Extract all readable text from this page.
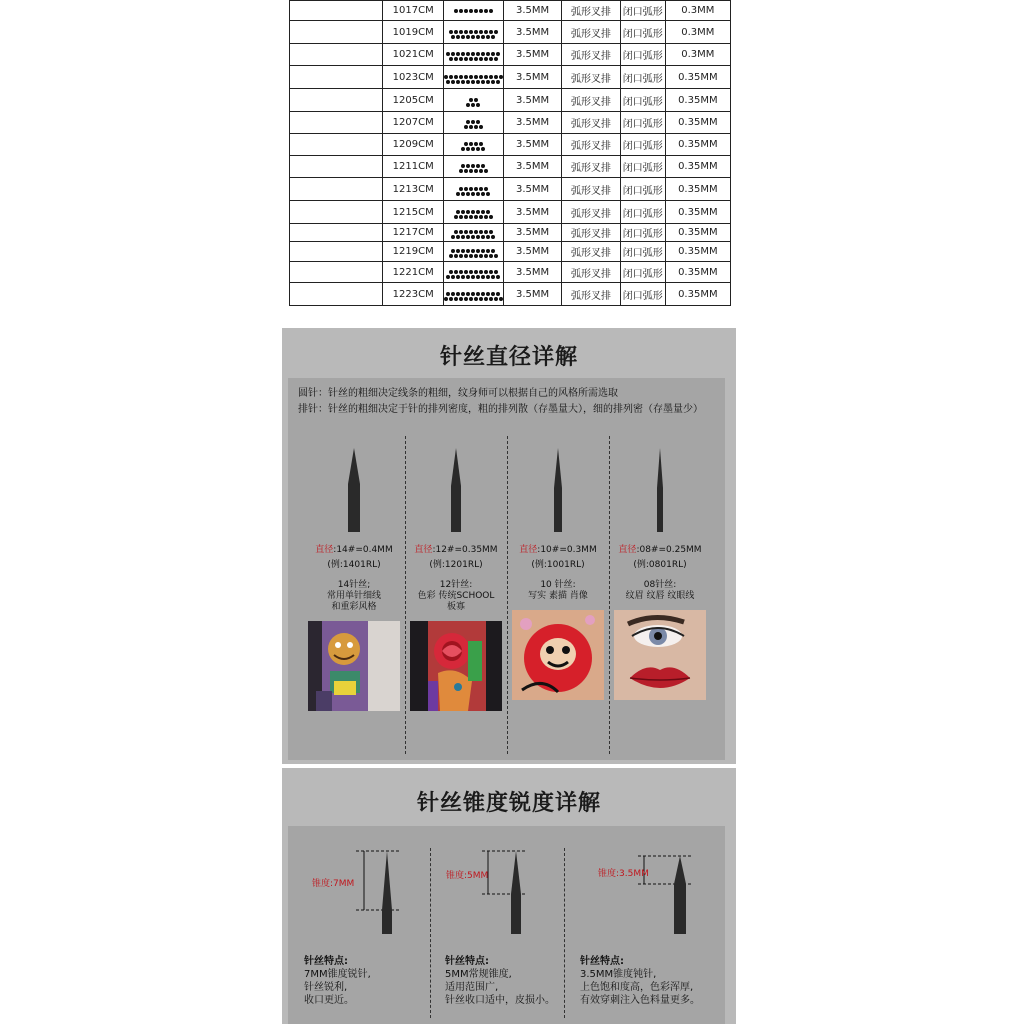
	1017CM		3.5MM	弧形叉排	闭口弧形	0.3MM
	1019CM		3.5MM	弧形叉排	闭口弧形	0.3MM
	1021CM		3.5MM	弧形叉排	闭口弧形	0.3MM
	1023CM		3.5MM	弧形叉排	闭口弧形	0.35MM
	1205CM		3.5MM	弧形叉排	闭口弧形	0.35MM
	1207CM		3.5MM	弧形叉排	闭口弧形	0.35MM
	1209CM		3.5MM	弧形叉排	闭口弧形	0.35MM
	1211CM		3.5MM	弧形叉排	闭口弧形	0.35MM
	1213CM		3.5MM	弧形叉排	闭口弧形	0.35MM
	1215CM		3.5MM	弧形叉排	闭口弧形	0.35MM
	1217CM		3.5MM	弧形叉排	闭口弧形	0.35MM
	1219CM		3.5MM	弧形叉排	闭口弧形	0.35MM
	1221CM		3.5MM	弧形叉排	闭口弧形	0.35MM
	1223CM		3.5MM	弧形叉排	闭口弧形	0.35MM
针丝直径详解
圆针：针丝的粗细决定线条的粗细，纹身师可以根据自己的风格所需选取
排针：针丝的粗细决定于针的排列密度，粗的排列散（存墨量大），细的排列密（存墨量少）
直径:14#=0.4MM
(例:1401RL)
14针丝;
常用单针细线
和重彩风格
直径:12#=0.35MM
(例:1201RL)
12针丝:
色彩 传统SCHOOL
板寡
直径:10#=0.3MM
(例:1001RL)
10 针丝:
写实 素描 肖像
直径:08#=0.25MM
(例:0801RL)
08针丝:
纹眉 纹唇 纹眼线
针丝锥度锐度详解
锥度:7MM
针丝特点:
7MM锥度锐针,
针丝锐利,
收口更近。
锥度:5MM
针丝特点:
5MM常规锥度,
适用范围广,
针丝收口适中，皮损小。
锥度:3.5MM
针丝特点:
3.5MM锥度钝针,
上色饱和度高，色彩浑厚,
有效穿刺注入色料量更多。
